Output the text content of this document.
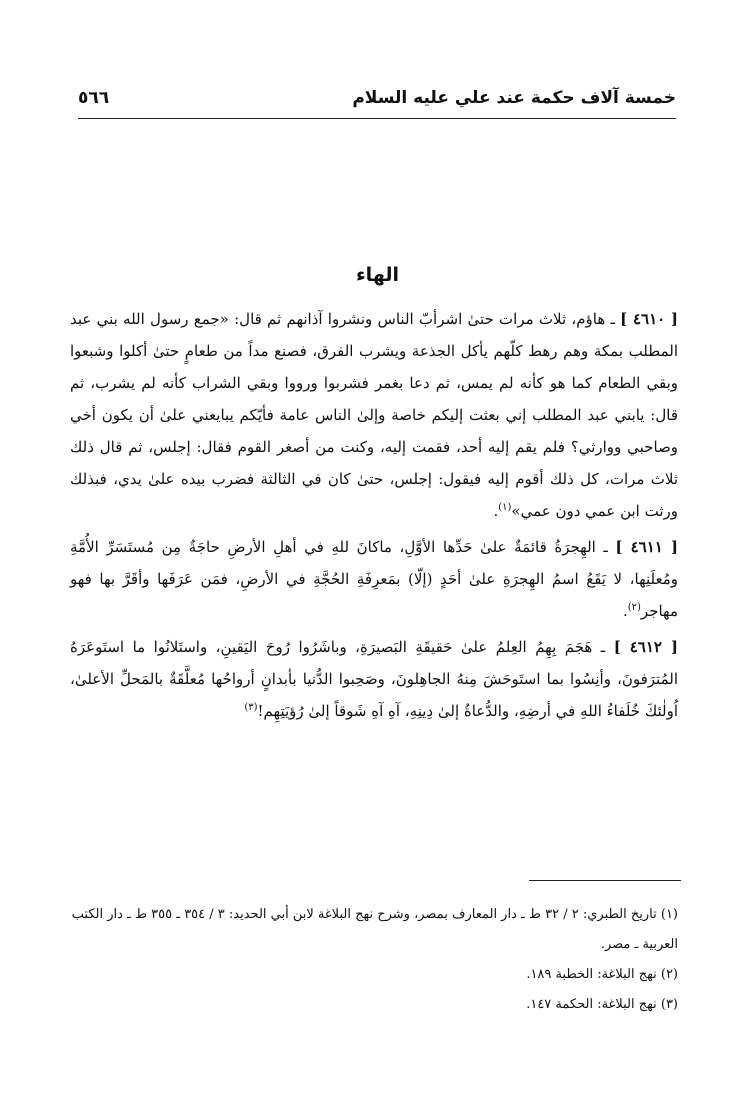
خمسة آلاف حكمة عند علي عليه السلام
٥٦٦
الهاء

[ ٤٦١٠ ] ـ هاؤم، ثلاث مرات حتىٰ اشرأبّ الناس ونشروا آذانهم ثم قال: «جمع رسول الله بني عبد المطلب بمكة وهم رهط كلّهم يأكل الجذعة ويشرب الفرق، فصنع مداً من طعامٍ حتىٰ أكلوا وشبعوا وبقي الطعام كما هو كأنه لم يمس، ثم دعا بغمر فشربوا ورووا وبقي الشراب كأنه لم يشرب، ثم قال: يابني عبد المطلب إني بعثت إليكم خاصة وإلىٰ الناس عامة فأيّكم يبايعني علىٰ أن يكون أخي وصاحبي ووارثي؟ فلم يقم إليه أحد، فقمت إليه، وكنت من أصغر القوم فقال: إجلس، ثم قال ذلك ثلاث مرات، كل ذلك أقوم إليه فيقول: إجلس، حتىٰ كان في الثالثة فضرب بيده علىٰ يدي، فبذلك ورثت ابن عمي دون عمي»$^{(١)}$.

[ ٤٦١١ ] ـ الهِجرَةُ قائمَةٌ علىٰ حَدِّها الأوَّلِ، ماكانَ للهِ في أهلِ الأرضِ حاجَةٌ مِن مُستَسَرِّ الأُمَّةِ ومُعلَنِها، لا يَقَعُ اسمُ الهِجرَةِ علىٰ أحَدٍ (إلّا) بمَعرِفَةِ الحُجَّةِ في الأرضِ، فمَن عَرَفَها وأقَرَّ بها فهو مهاجر$^{(٢)}$.

[ ٤٦١٢ ] ـ هَجَمَ بِهِمُ العِلمُ علىٰ حَقيقَةِ البَصيرَةِ، وباشَرُوا رُوحَ اليَقينِ، واستَلانُوا ما استَوعَرَهُ المُترَفونَ، وأنِسُوا بما استَوحَشَ مِنهُ الجاهِلونَ، وصَحِبوا الدُّنيا بأبدانٍ أرواحُها مُعلَّقَةٌ بالمَحلِّ الأعلىٰ، اُولٰئكَ خُلَفاءُ اللهِ في أرضِهِ، والدُّعاةُ إلىٰ دِينِهِ، آهِ آهِ شَوقاً إلىٰ رُؤيَتِهِم!$^{(٣)}$

(١) تاريخ الطبري: ٢ / ٣٢ ط ـ دار المعارف بمصر، وشرح نهج البلاغة لابن أبي الحديد: ٣ / ٣٥٤ ـ ٣٥٥ ط ـ دار الكتب العربية ـ مصر.

(٢) نهج البلاغة: الخطبة ١٨٩.

(٣) نهج البلاغة: الحكمة ١٤٧.
